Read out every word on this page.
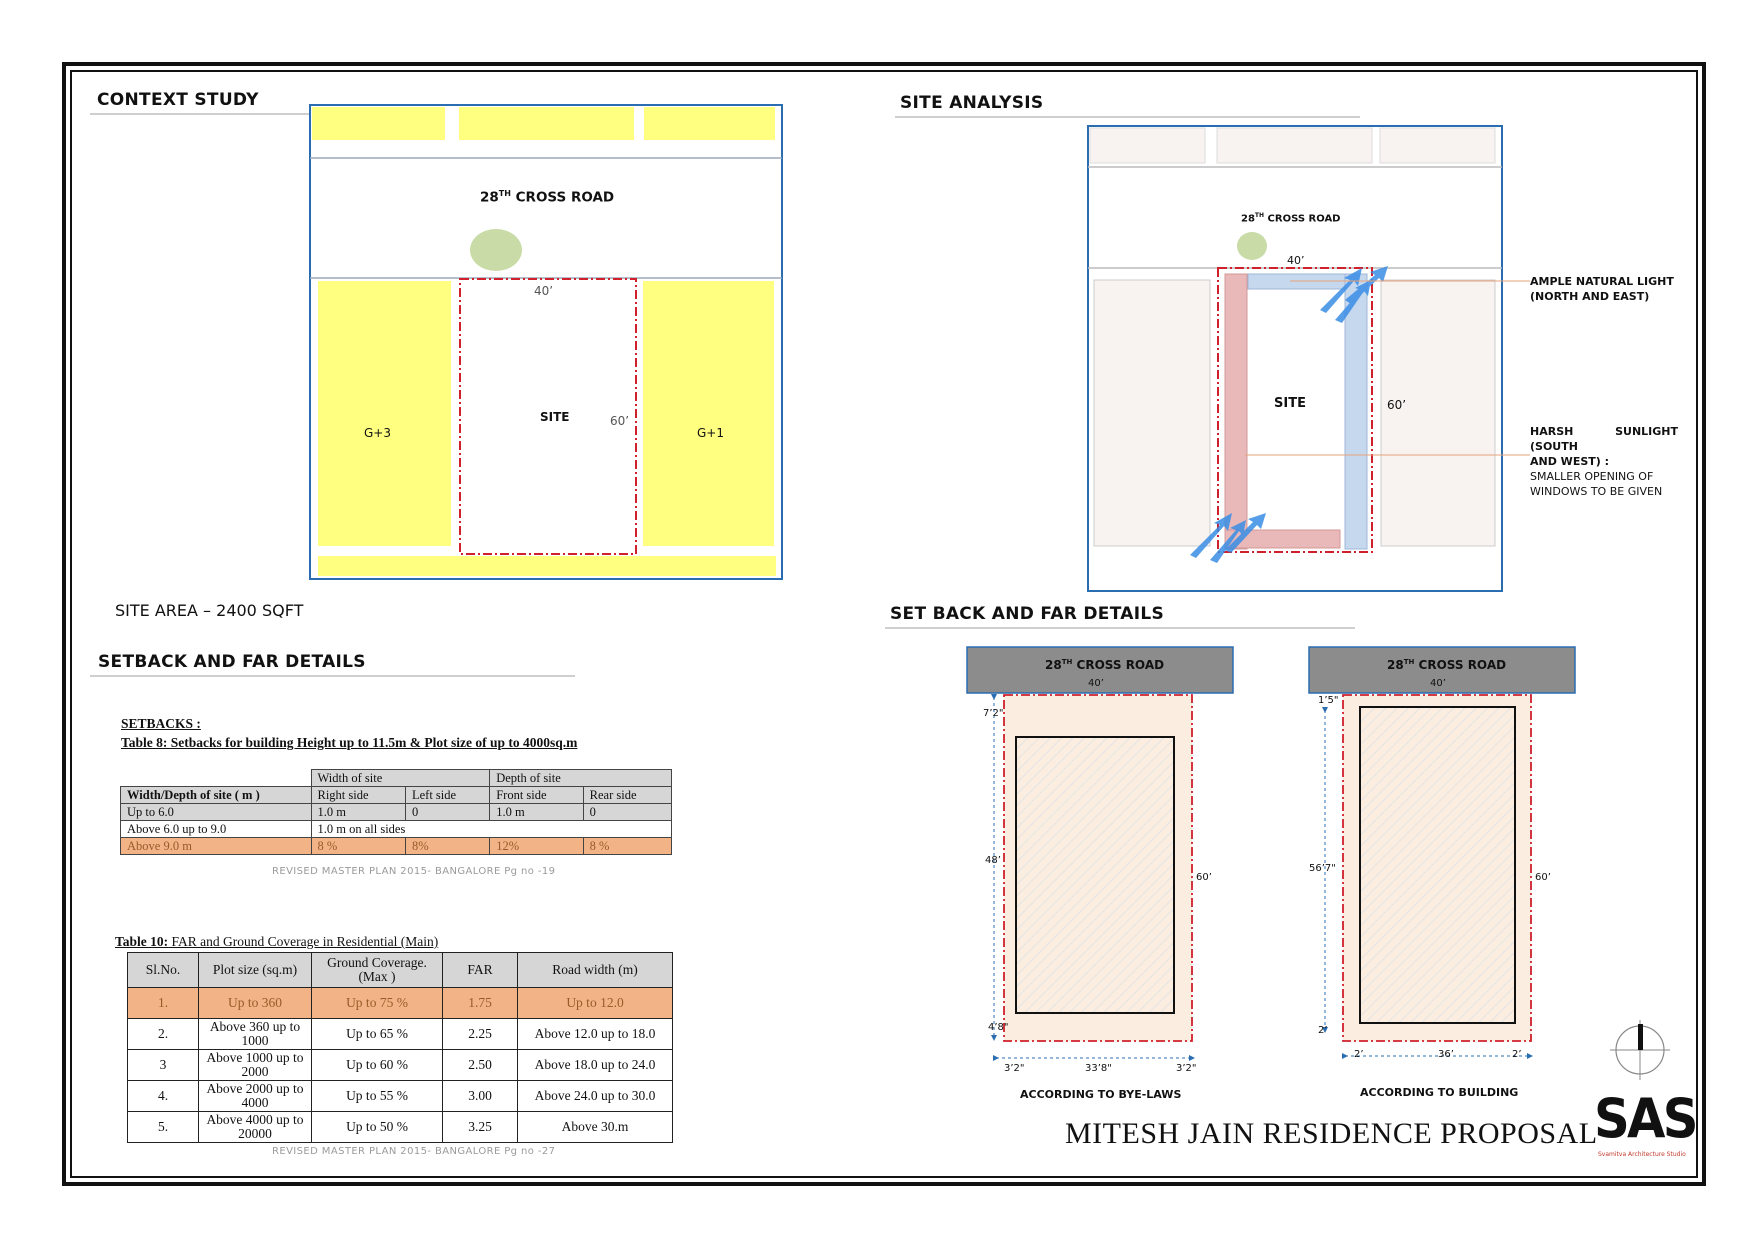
CONTEXT STUDY
28TH CROSS ROAD
40’
SITE	60’
G+3	G+1
SITE AREA – 2400 SQFT
SITE ANALYSIS
28TH CROSS ROAD
40’
SITE	60’
AMPLE NATURAL LIGHT
(NORTH AND EAST)
HARSH SUNLIGHT (SOUTH
AND WEST) :
SMALLER OPENING OF
WINDOWS TO BE GIVEN
SETBACK AND FAR DETAILS
SETBACKS :
Table 8: Setbacks for building Height up to 11.5m & Plot size of up to 4000sq.m
	Width of site		Depth of site	
Width/Depth of site ( m )	Right side	Left side	Front side	Rear side
Up to 6.0	1.0 m	0	1.0 m	0
Above 6.0 up to 9.0	1.0 m on all sides			
Above 9.0 m	8 %	8%	12%	8 %
REVISED MASTER PLAN 2015- BANGALORE Pg no -19
Table 10: FAR and Ground Coverage in Residential (Main)
Sl.No.	Plot size (sq.m)	Ground Coverage. (Max )	FAR	Road width (m)
1.	Up to 360	Up to 75 %	1.75	Up to 12.0
2.	Above 360 up to 1000	Up to 65 %	2.25	Above 12.0 up to 18.0
3	Above 1000 up to 2000	Up to 60 %	2.50	Above 18.0 up to 24.0
4.	Above 2000 up to 4000	Up to 55 %	3.00	Above 24.0 up to 30.0
5.	Above 4000 up to 20000	Up to 50 %	3.25	Above 30.m
REVISED MASTER PLAN 2015- BANGALORE Pg no -27
SET BACK AND FAR DETAILS
28TH CROSS ROAD
40’
7’2"
48’
4’8"
60’
3’2"	33’8"	3’2"
ACCORDING TO BYE-LAWS
28TH CROSS ROAD
40’
1’5"
56’7"
2’
60’
2’	36’	2’
ACCORDING TO BUILDING
MITESH JAIN RESIDENCE PROPOSAL
SAS
Svamitva Architecture Studio
